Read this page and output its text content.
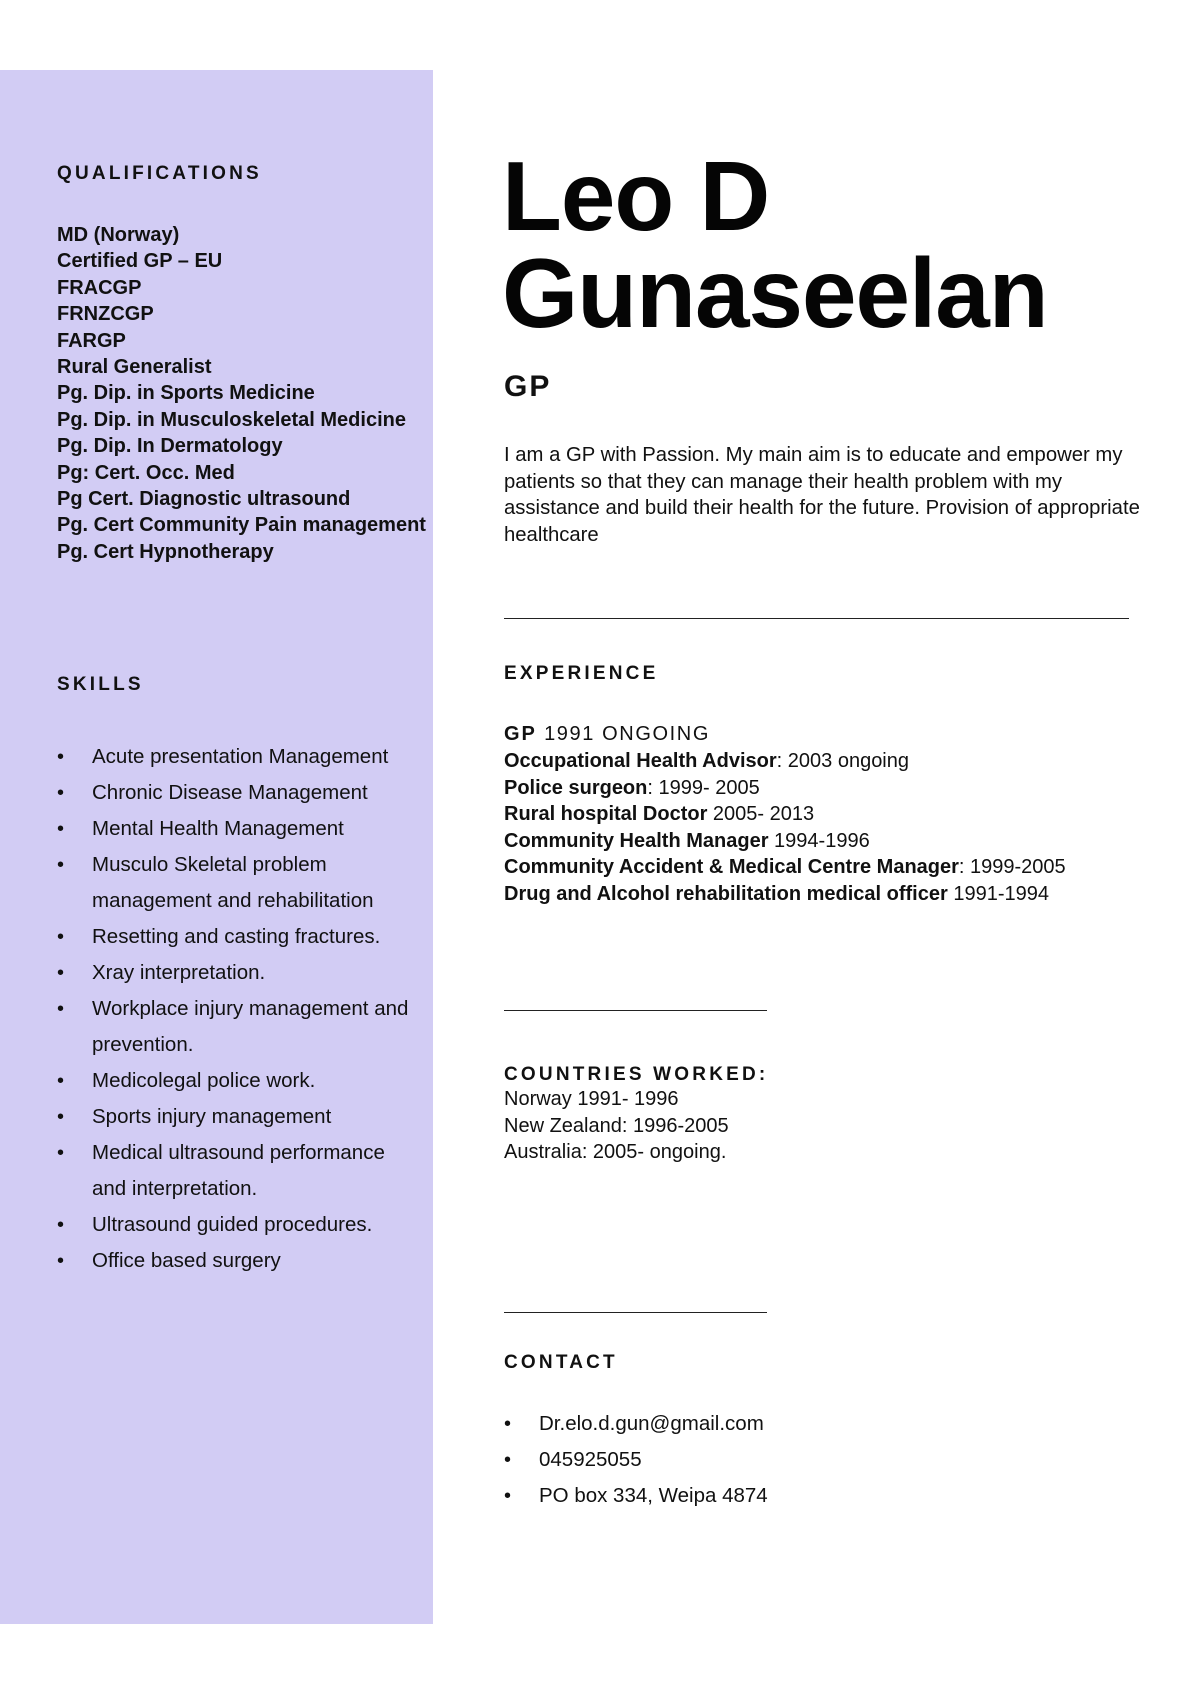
QUALIFICATIONS
MD (Norway)
Certified GP – EU
FRACGP
FRNZCGP
FARGP
Rural Generalist
Pg. Dip. in Sports Medicine
Pg. Dip. in Musculoskeletal Medicine
Pg. Dip. In Dermatology
Pg: Cert. Occ. Med
Pg Cert. Diagnostic ultrasound
Pg. Cert Community Pain management
Pg. Cert Hypnotherapy
SKILLS
• Acute presentation Management
• Chronic Disease Management
• Mental Health Management
• Musculo Skeletal problem
management and rehabilitation
• Resetting and casting fractures.
• Xray interpretation.
• Workplace injury management and
prevention.
• Medicolegal police work.
• Sports injury management
• Medical ultrasound performance
and interpretation.
• Ultrasound guided procedures.
• Office based surgery
Leo D
Gunaseelan
GP
I am a GP with Passion. My main aim is to educate and empower my patients so that they can manage their health problem with my assistance and build their health for the future. Provision of appropriate healthcare
EXPERIENCE
GP 1991 ONGOING
Occupational Health Advisor: 2003 ongoing
Police surgeon: 1999- 2005
Rural hospital Doctor 2005- 2013
Community Health Manager 1994-1996
Community Accident & Medical Centre Manager: 1999-2005
Drug and Alcohol rehabilitation medical officer 1991-1994
COUNTRIES WORKED:
Norway 1991- 1996
New Zealand: 1996-2005
Australia: 2005- ongoing.
CONTACT
• Dr.elo.d.gun@gmail.com
• 045925055
• PO box 334, Weipa 4874
